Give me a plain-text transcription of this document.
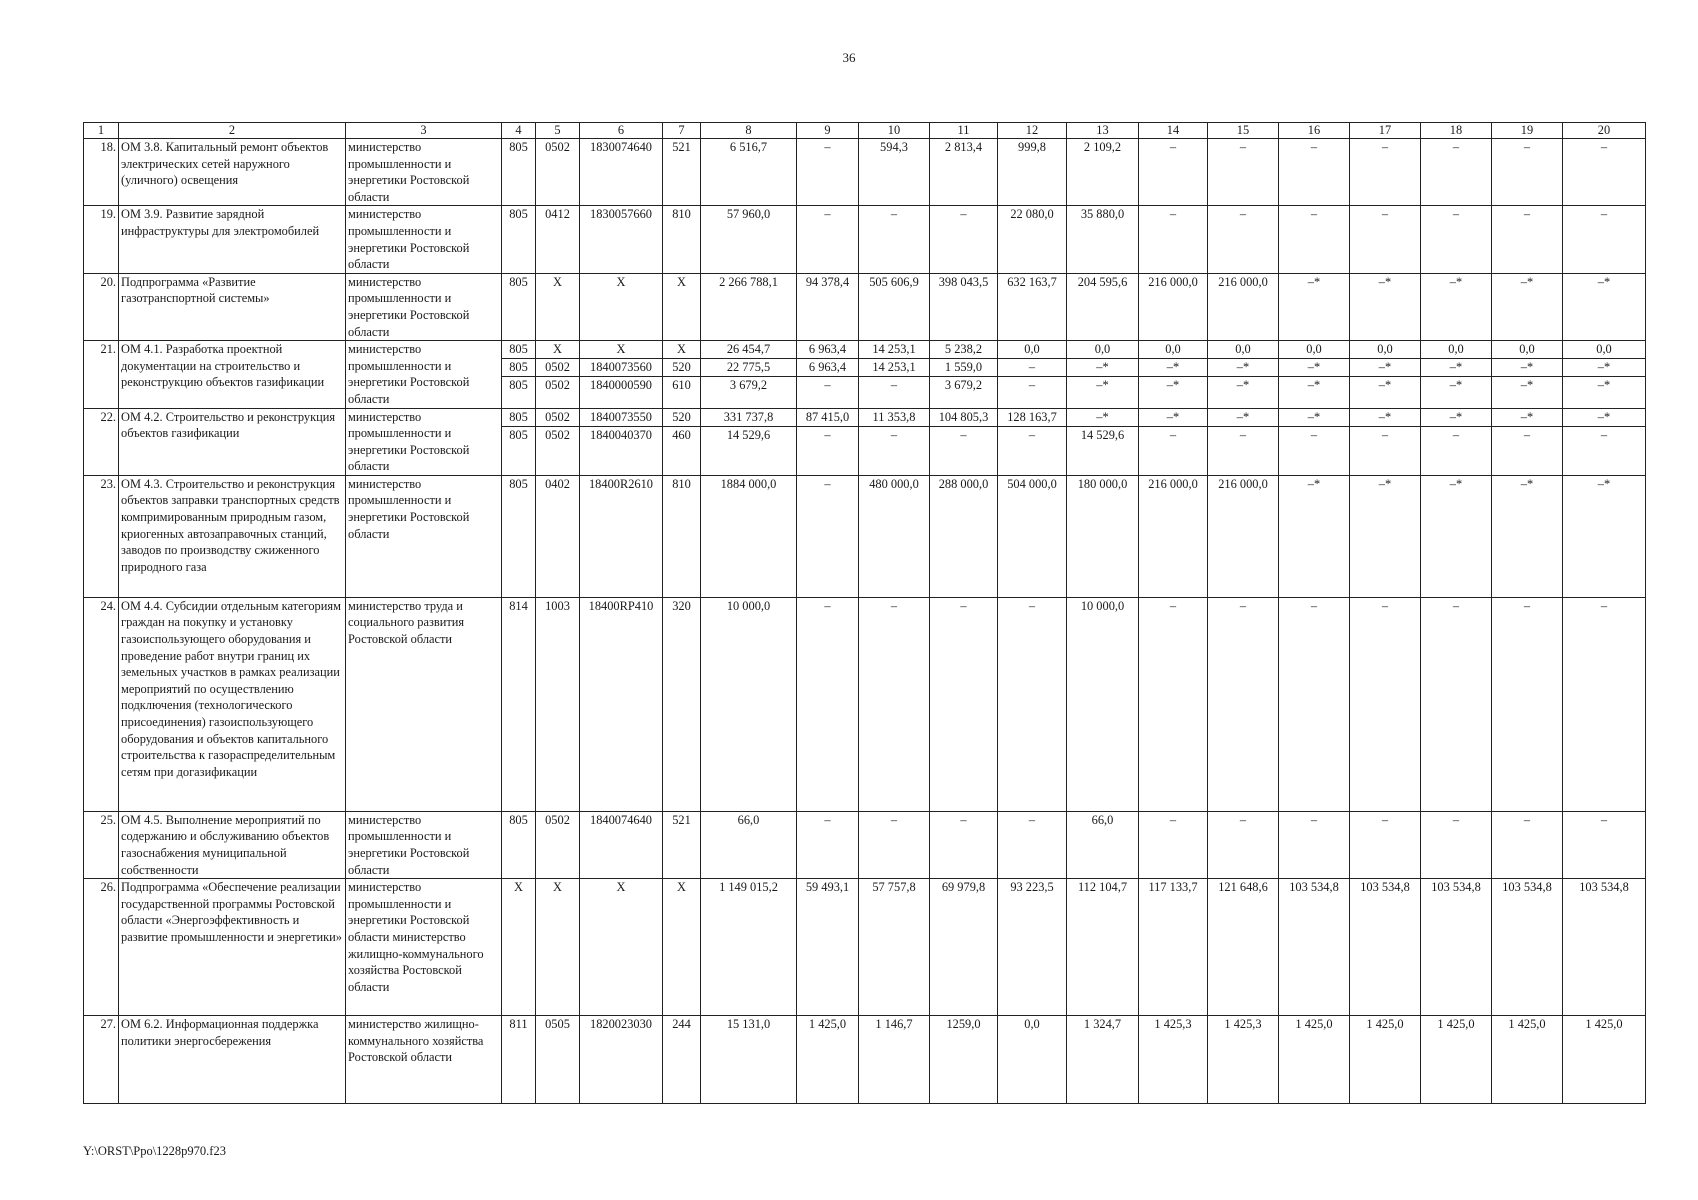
36
1	2	3	4	5	6	7	8	9	10	11	12	13	14	15	16	17	18	19	20
18.	ОМ 3.8. Капитальный ремонт объектов электрических сетей наружного (уличного) освещения	министерство промышленности и энергетики Ростовской области	805	0502	1830074640	521	6 516,7	–	594,3	2 813,4	999,8	2 109,2	–	–	–	–	–	–	–
19.	ОМ 3.9. Развитие зарядной инфраструктуры для электромобилей	министерство промышленности и энергетики Ростовской области	805	0412	1830057660	810	57 960,0	–	–	–	22 080,0	35 880,0	–	–	–	–	–	–	–
20.	Подпрограмма «Развитие газотранспортной системы»	министерство промышленности и энергетики Ростовской области	805	X	X	X	2 266 788,1	94 378,4	505 606,9	398 043,5	632 163,7	204 595,6	216 000,0	216 000,0	–*	–*	–*	–*	–*
21.	ОМ 4.1. Разработка проектной документации на строительство и реконструкцию объектов газификации	министерство промышленности и энергетики Ростовской области	805	X	X	X	26 454,7	6 963,4	14 253,1	5 238,2	0,0	0,0	0,0	0,0	0,0	0,0	0,0	0,0	0,0
			805	0502	1840073560	520	22 775,5	6 963,4	14 253,1	1 559,0	–	–*	–*	–*	–*	–*	–*	–*	–*
			805	0502	1840000590	610	3 679,2	–	–	3 679,2	–	–*	–*	–*	–*	–*	–*	–*	–*
22.	ОМ 4.2. Строительство и реконструкция объектов газификации	министерство промышленности и энергетики Ростовской области	805	0502	1840073550	520	331 737,8	87 415,0	11 353,8	104 805,3	128 163,7	–*	–*	–*	–*	–*	–*	–*	–*
			805	0502	1840040370	460	14 529,6	–	–	–	–	14 529,6	–	–	–	–	–	–	–
23.	ОМ 4.3. Строительство и реконструкция объектов заправки транспортных средств компримированным природным газом, криогенных автозаправочных станций, заводов по производству сжиженного природного газа	министерство промышленности и энергетики Ростовской области	805	0402	18400R2610	810	1884 000,0	–	480 000,0	288 000,0	504 000,0	180 000,0	216 000,0	216 000,0	–*	–*	–*	–*	–*
24.	ОМ 4.4. Субсидии отдельным категориям граждан на покупку и установку газоиспользующего оборудования и проведение работ внутри границ их земельных участков в рамках реализации мероприятий по осуществлению подключения (технологического присоединения) газоиспользующего оборудования и объектов капитального строительства к газораспределительным сетям при догазификации	министерство труда и социального развития Ростовской области	814	1003	18400RP410	320	10 000,0	–	–	–	–	10 000,0	–	–	–	–	–	–	–
25.	ОМ 4.5. Выполнение мероприятий по содержанию и обслуживанию объектов газоснабжения муниципальной собственности	министерство промышленности и энергетики Ростовской области	805	0502	1840074640	521	66,0	–	–	–	–	66,0	–	–	–	–	–	–	–
26.	Подпрограмма «Обеспечение реализации государственной программы Ростовской области «Энергоэффективность и развитие промышленности и энергетики»	министерство промышленности и энергетики Ростовской области министерство жилищно-коммунального хозяйства Ростовской области	X	X	X	X	1 149 015,2	59 493,1	57 757,8	69 979,8	93 223,5	112 104,7	117 133,7	121 648,6	103 534,8	103 534,8	103 534,8	103 534,8	103 534,8
27.	ОМ 6.2. Информационная поддержка политики энергосбережения	министерство жилищно-коммунального хозяйства Ростовской области	811	0505	1820023030	244	15 131,0	1 425,0	1 146,7	1259,0	0,0	1 324,7	1 425,3	1 425,3	1 425,0	1 425,0	1 425,0	1 425,0	1 425,0
Y:\ORST\Ppo\1228p970.f23
